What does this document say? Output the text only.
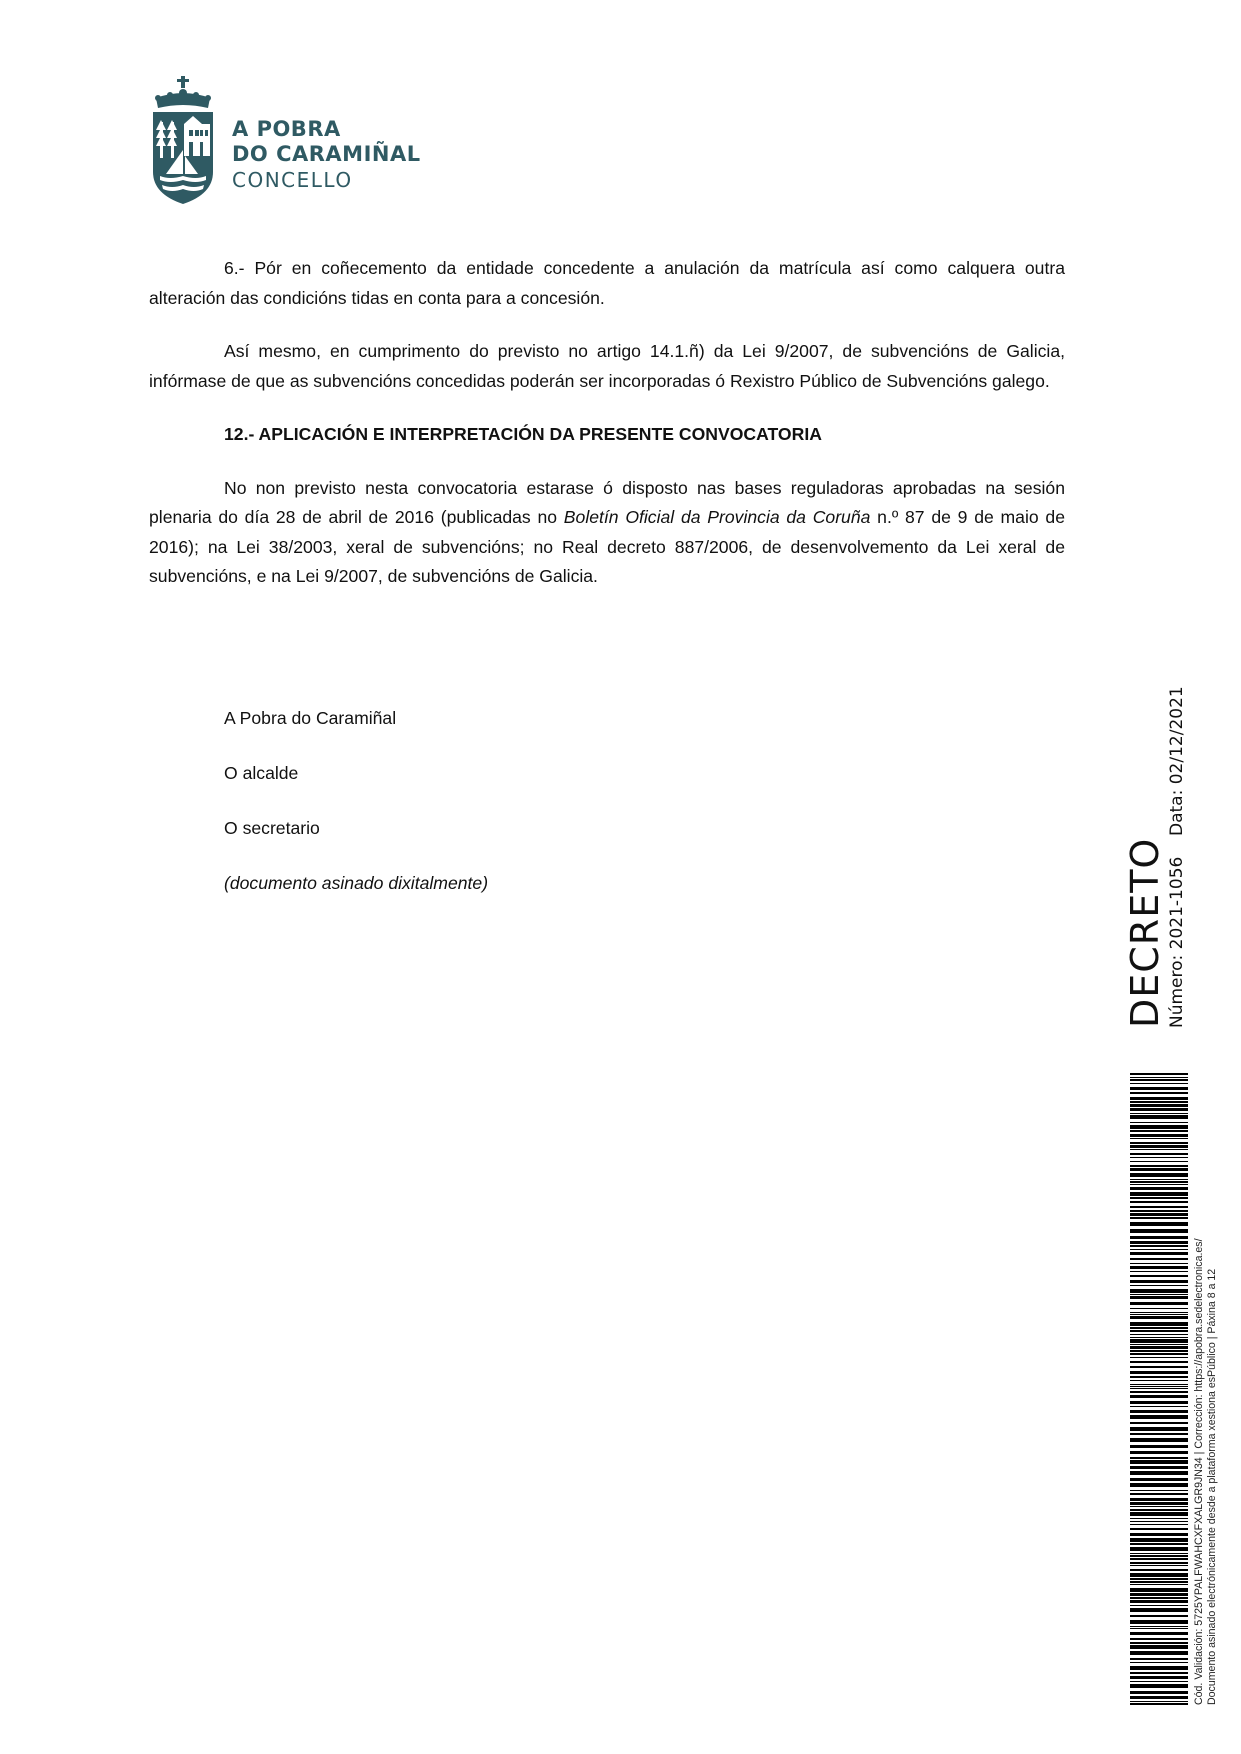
A POBRA
DO CARAMIÑAL
CONCELLO

6.- Pór en coñecemento da entidade concedente a anulación da matrícula así como calquera outra alteración das condicións tidas en conta para a concesión.

Así mesmo, en cumprimento do previsto no artigo 14.1.ñ) da Lei 9/2007, de subvencións de Galicia, infórmase de que as subvencións concedidas poderán ser incorporadas ó Rexistro Público de Subvencións galego.

12.- APLICACIÓN E INTERPRETACIÓN DA PRESENTE CONVOCATORIA

No non previsto nesta convocatoria estarase ó disposto nas bases reguladoras aprobadas na sesión plenaria do día 28 de abril de 2016 (publicadas no Boletín Oficial da Provincia da Coruña n.º 87 de 9 de maio de 2016); na Lei 38/2003, xeral de subvencións; no Real decreto 887/2006, de desenvolvemento da Lei xeral de subvencións, e na Lei 9/2007, de subvencións de Galicia.

A Pobra do Caramiñal
O alcalde
O secretario
(documento asinado dixitalmente)	DECRETO Número: 2021-1056
Data: 02/12/2021
Cód. Validación: 5725YPALFWAHCXFXALGR9JN34 | Corrección: https://apobra.sedelectronica.es/ Documento asinado electrónicamente desde a plataforma xestiona esPúblico | Páxina 8 a 12
